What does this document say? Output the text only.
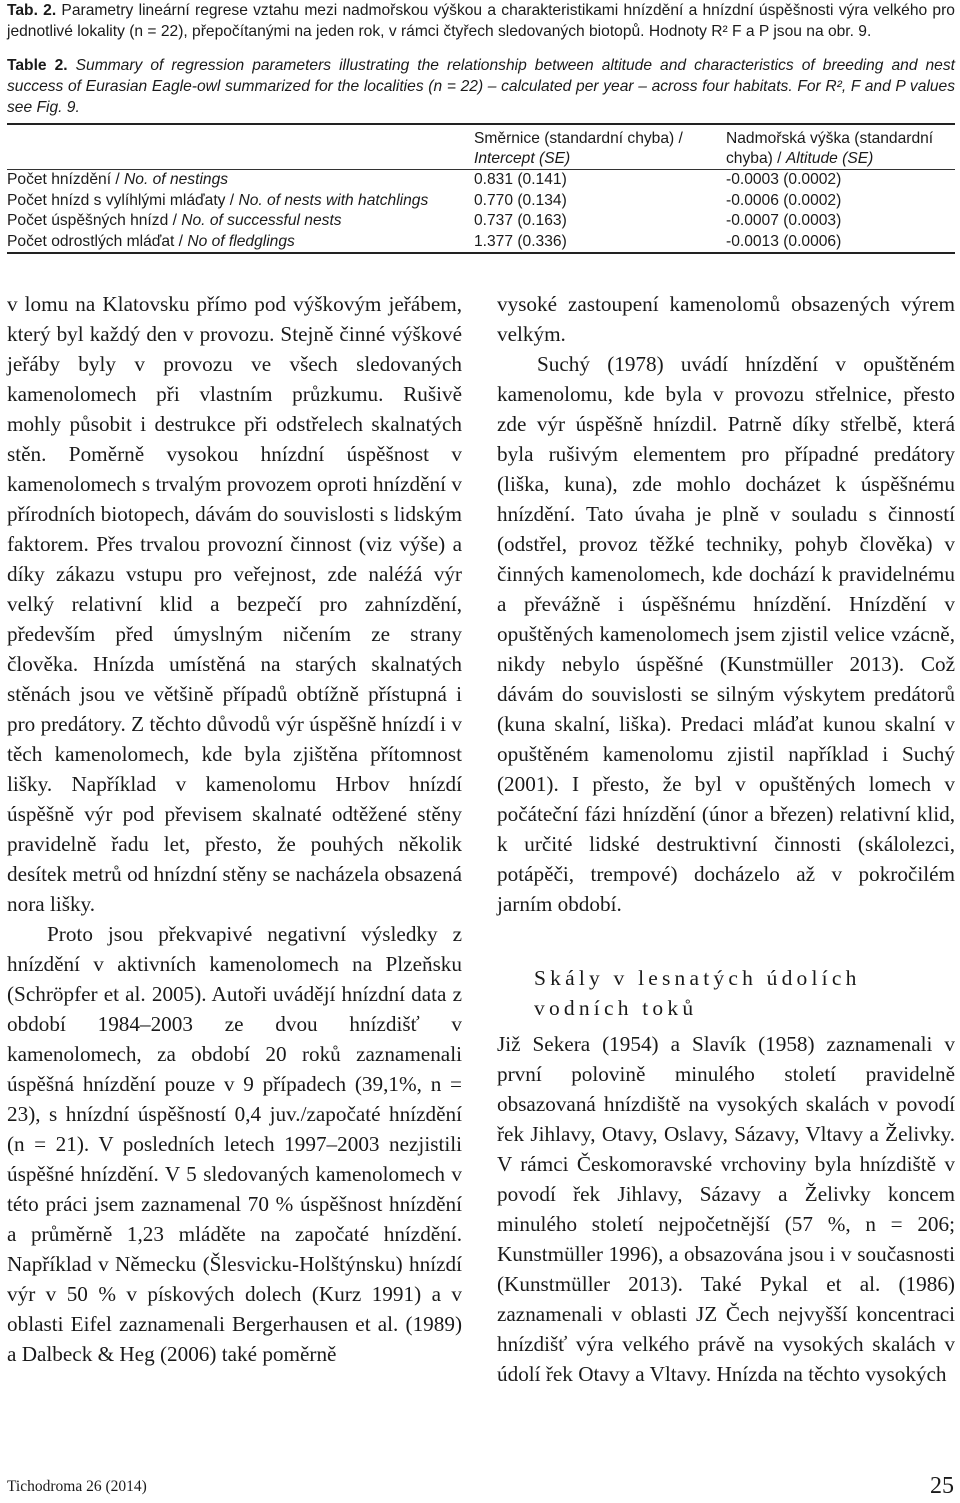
Tab. 2. Parametry lineární regrese vztahu mezi nadmořskou výškou a charakteristikami hnízdění a hnízdní úspěšnosti výra velkého pro jednotlivé lokality (n = 22), přepočítanými na jeden rok, v rámci čtyřech sledovaných biotopů. Hodnoty R² F a P jsou na obr. 9.

Table 2. Summary of regression parameters illustrating the relationship between altitude and characteristics of breeding and nest success of Eurasian Eagle-owl summarized for the localities (n = 22) – calculated per year – across four habitats. For R², F and P values see Fig. 9.

	Směrnice (standardní chyba) /
Intercept (SE)	Nadmořská výška (standardní chyba) / Altitude (SE)
Počet hnízdění / No. of nestings	0.831 (0.141)	-0.0003 (0.0002)
Počet hnízd s vylíhlými mláďaty / No. of nests with hatchlings	0.770 (0.134)	-0.0006 (0.0002)
Počet úspěšných hnízd / No. of successful nests	0.737 (0.163)	-0.0007 (0.0003)
Počet odrostlých mláďat / No of fledglings	1.377 (0.336)	-0.0013 (0.0006)

v lomu na Klatovsku přímo pod výškovým jeřábem, který byl každý den v provozu. Stejně činné výškové jeřáby byly v provozu ve všech sledovaných kamenolomech při vlastním průzkumu. Rušivě mohly působit i destrukce při odstřelech skalnatých stěn. Poměrně vysokou hnízdní úspěšnost v kamenolomech s trvalým provozem oproti hnízdění v přírodních biotopech, dávám do souvislosti s lidským faktorem. Přes trvalou provozní činnost (viz výše) a díky zákazu vstupu pro veřejnost, zde naléźá výr velký relativní klid a bezpečí pro zahnízdění, především před úmyslným ničením ze strany člověka. Hnízda umístěná na starých skalnatých stěnách jsou ve většině případů obtížně přístupná i pro predátory. Z těchto důvodů výr úspěšně hnízdí i v těch kamenolomech, kde byla zjištěna přítomnost lišky. Například v kamenolomu Hrbov hnízdí úspěšně výr pod převisem skalnaté odtěžené stěny pravidelně řadu let, přesto, že pouhých několik desítek metrů od hnízdní stěny se nacházela obsazená nora lišky.

Proto jsou překvapivé negativní výsledky z hnízdění v aktivních kamenolomech na Plzeňsku (Schröpfer et al. 2005). Autoři uvádějí hnízdní data z období 1984–2003 ze dvou hnízdišť v kamenolomech, za období 20 roků zaznamenali úspěšná hnízdění pouze v 9 případech (39,1%, n = 23), s hnízdní úspěšností 0,4 juv./započaté hnízdění (n = 21). V posledních letech 1997–2003 nezjistili úspěšné hnízdění. V 5 sledovaných kamenolomech v této práci jsem zaznamenal 70 % úspěšnost hnízdění a průměrně 1,23 mláděte na započaté hnízdění. Například v Německu (Šlesvicku-Holštýnsku) hnízdí výr v 50 % v pískových dolech (Kurz 1991) a v oblasti Eifel zaznamenali Bergerhausen et al. (1989) a Dalbeck & Heg (2006) také poměrně

vysoké zastoupení kamenolomů obsazených výrem velkým.

Suchý (1978) uvádí hnízdění v opuštěném kamenolomu, kde byla v provozu střelnice, přesto zde výr úspěšně hnízdil. Patrně díky střelbě, která byla rušivým elementem pro případné predátory (liška, kuna), zde mohlo docházet k úspěšnému hnízdění. Tato úvaha je plně v souladu s činností (odstřel, provoz těžké techniky, pohyb člověka) v činných kamenolomech, kde dochází k pravidelnému a převážně i úspěšnému hnízdění. Hnízdění v opuštěných kamenolomech jsem zjistil velice vzácně, nikdy nebylo úspěšné (Kunstmüller 2013). Což dávám do souvislosti se silným výskytem predátorů (kuna skalní, liška). Predaci mláďat kunou skalní v opuštěném kamenolomu zjistil například i Suchý (2001). I přesto, že byl v opuštěných lomech v počáteční fázi hnízdění (únor a březen) relativní klid, k určité lidské destruktivní činnosti (skálolezci, potápěči, trempové) docházelo až v pokročilém jarním období.

Skály v lesnatých údolích vodních toků

Již Sekera (1954) a Slavík (1958) zaznamenali v první polovině minulého století pravidelně obsazovaná hnízdiště na vysokých skalách v povodí řek Jihlavy, Otavy, Oslavy, Sázavy, Vltavy a Želivky. V rámci Českomoravské vrchoviny byla hnízdiště v povodí řek Jihlavy, Sázavy a Želivky koncem minulého století nejpočetnější (57 %, n = 206; Kunstmüller 1996), a obsazována jsou i v současnosti (Kunstmüller 2013). Také Pykal et al. (1986) zaznamenali v oblasti JZ Čech nejvyšší koncentraci hnízdišť výra velkého právě na vysokých skalách v údolí řek Otavy a Vltavy. Hnízda na těchto vysokých

Tichodroma 26 (2014)	25
